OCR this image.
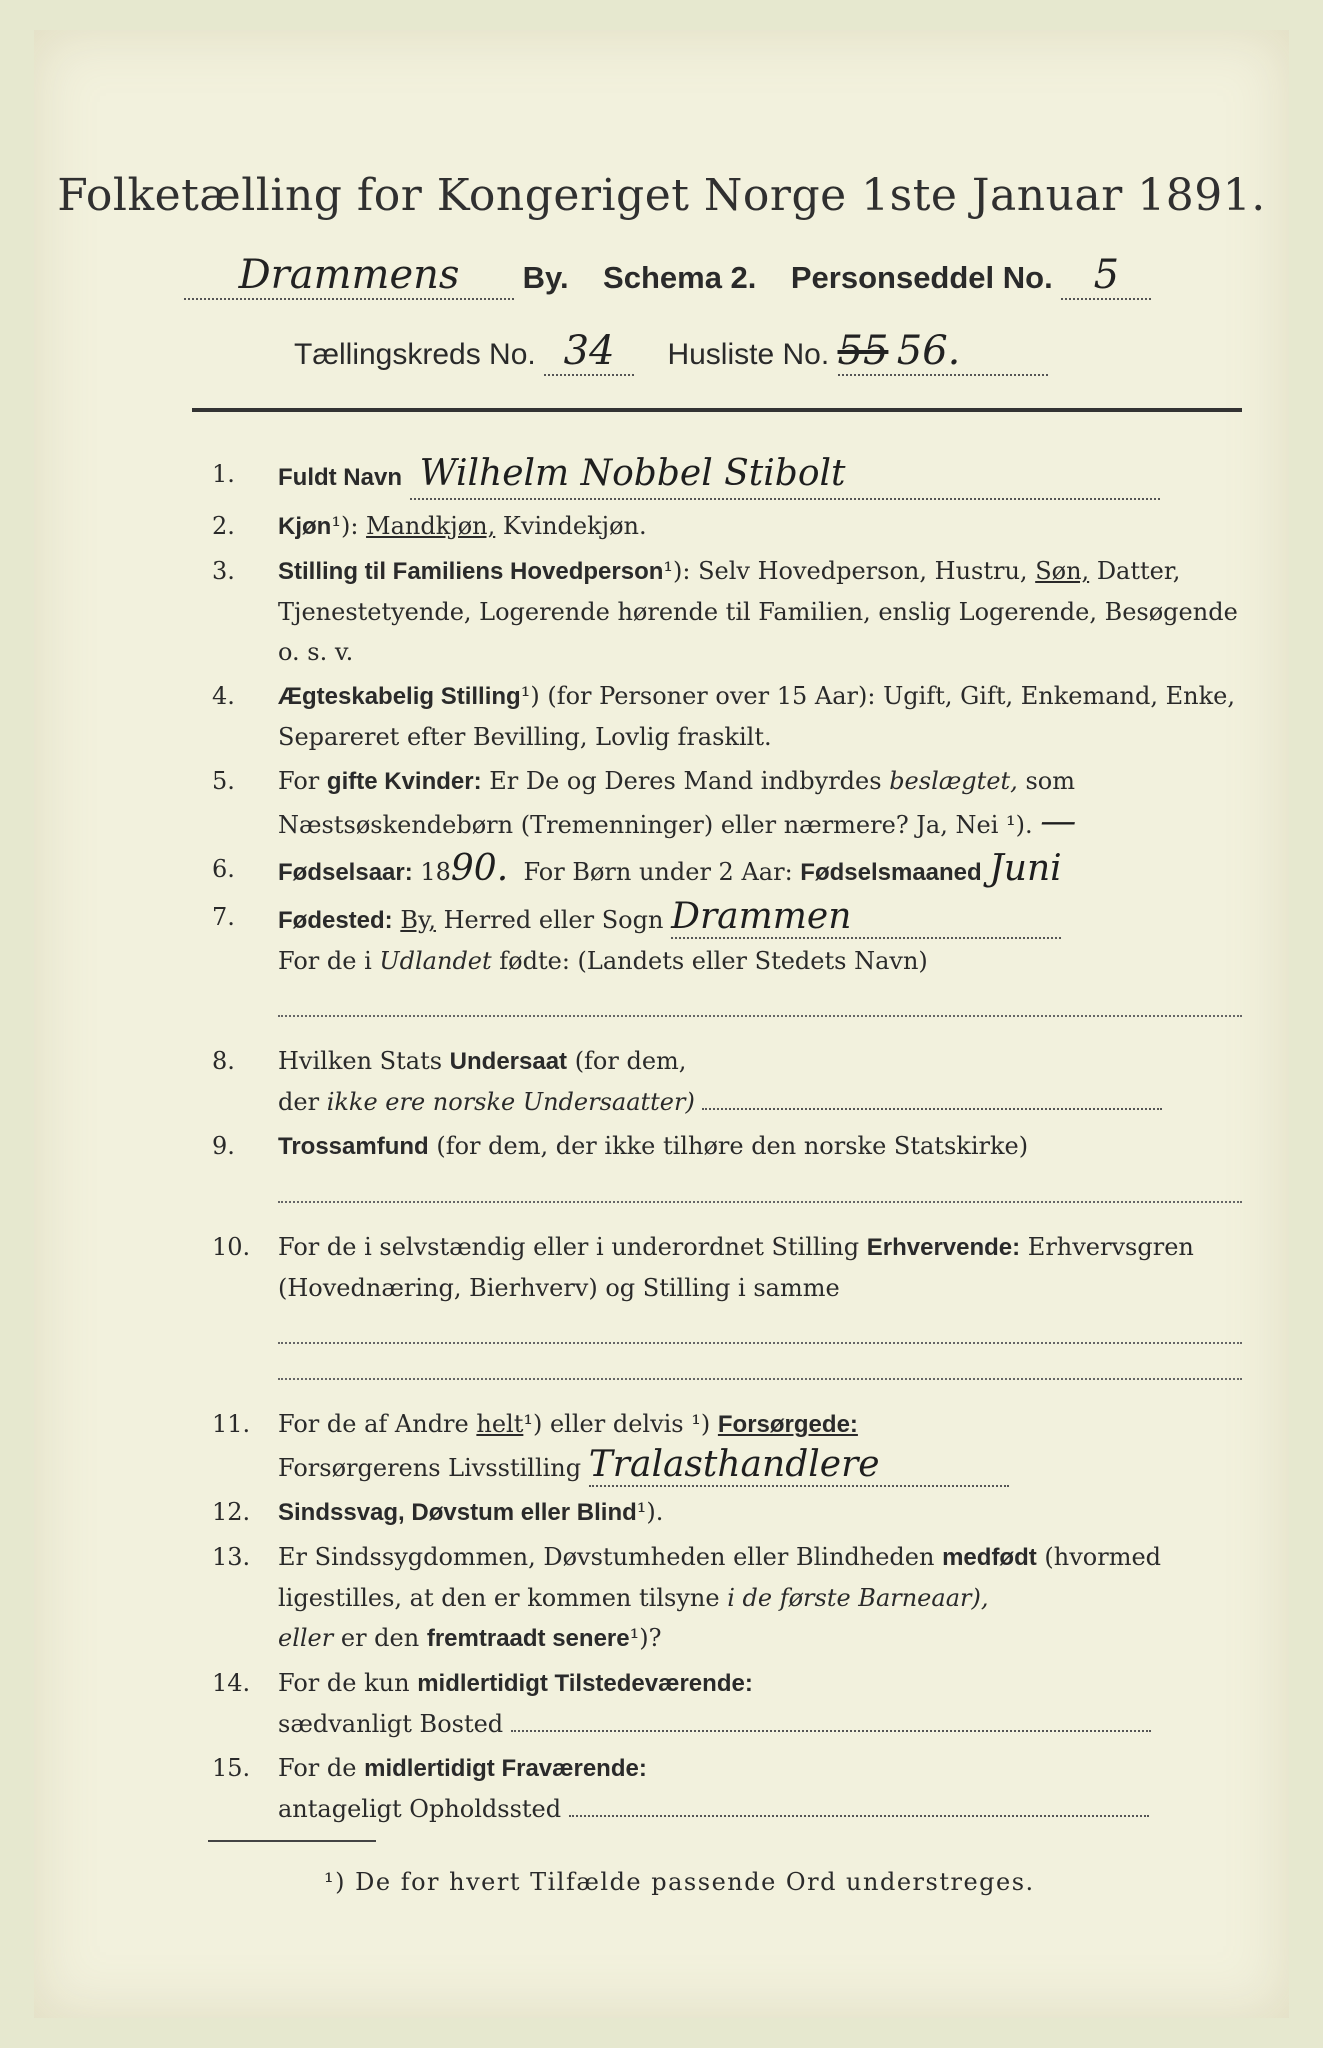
Folketælling for Kongeriget Norge 1ste Januar 1891.
Drammens By. Schema 2. Personseddel No. 5
Tællingskreds No. 34 Husliste No. 55 56.
1.	Fuldt Navn Wilhelm Nobbel Stibolt
2.	Kjøn¹): Mandkjøn, Kvindekjøn.
3.	Stilling til Familiens Hovedperson¹): Selv Hovedperson, Hustru, Søn, Datter, Tjenestetyende, Logerende hørende til Familien, enslig Logerende, Besøgende
o. s. v.
4.	Ægteskabelig Stilling¹) (for Personer over 15 Aar): Ugift, Gift, Enkemand, Enke, Separeret efter Bevilling, Lovlig fraskilt.
5.	For gifte Kvinder: Er De og Deres Mand indbyrdes beslægtet, som Næstsøskendebørn (Tremenninger) eller nærmere? Ja, Nei ¹). —
6.	Fødselsaar: 1890. For Børn under 2 Aar: Fødselsmaaned Juni
7.	Fødested: By, Herred eller Sogn Drammen
For de i Udlandet fødte: (Landets eller Stedets Navn)
8.	Hvilken Stats Undersaat (for dem,
der ikke ere norske Undersaatter)
9.	Trossamfund (for dem, der ikke tilhøre den norske Statskirke)
10.	For de i selvstændig eller i underordnet Stilling Erhvervende: Erhvervsgren (Hovednæring, Bierhverv) og Stilling i samme
11.	For de af Andre helt¹) eller delvis ¹) Forsørgede:
Forsørgerens Livsstilling Tralasthandlere
12.	Sindssvag, Døvstum eller Blind¹).
13.	Er Sindssygdommen, Døvstumheden eller Blindheden medfødt (hvormed ligestilles, at den er kommen tilsyne i de første Barneaar),
eller er den fremtraadt senere¹)?
14.	For de kun midlertidigt Tilstedeværende:
sædvanligt Bosted
15.	For de midlertidigt Fraværende:
antageligt Opholdssted
¹) De for hvert Tilfælde passende Ord understreges.
